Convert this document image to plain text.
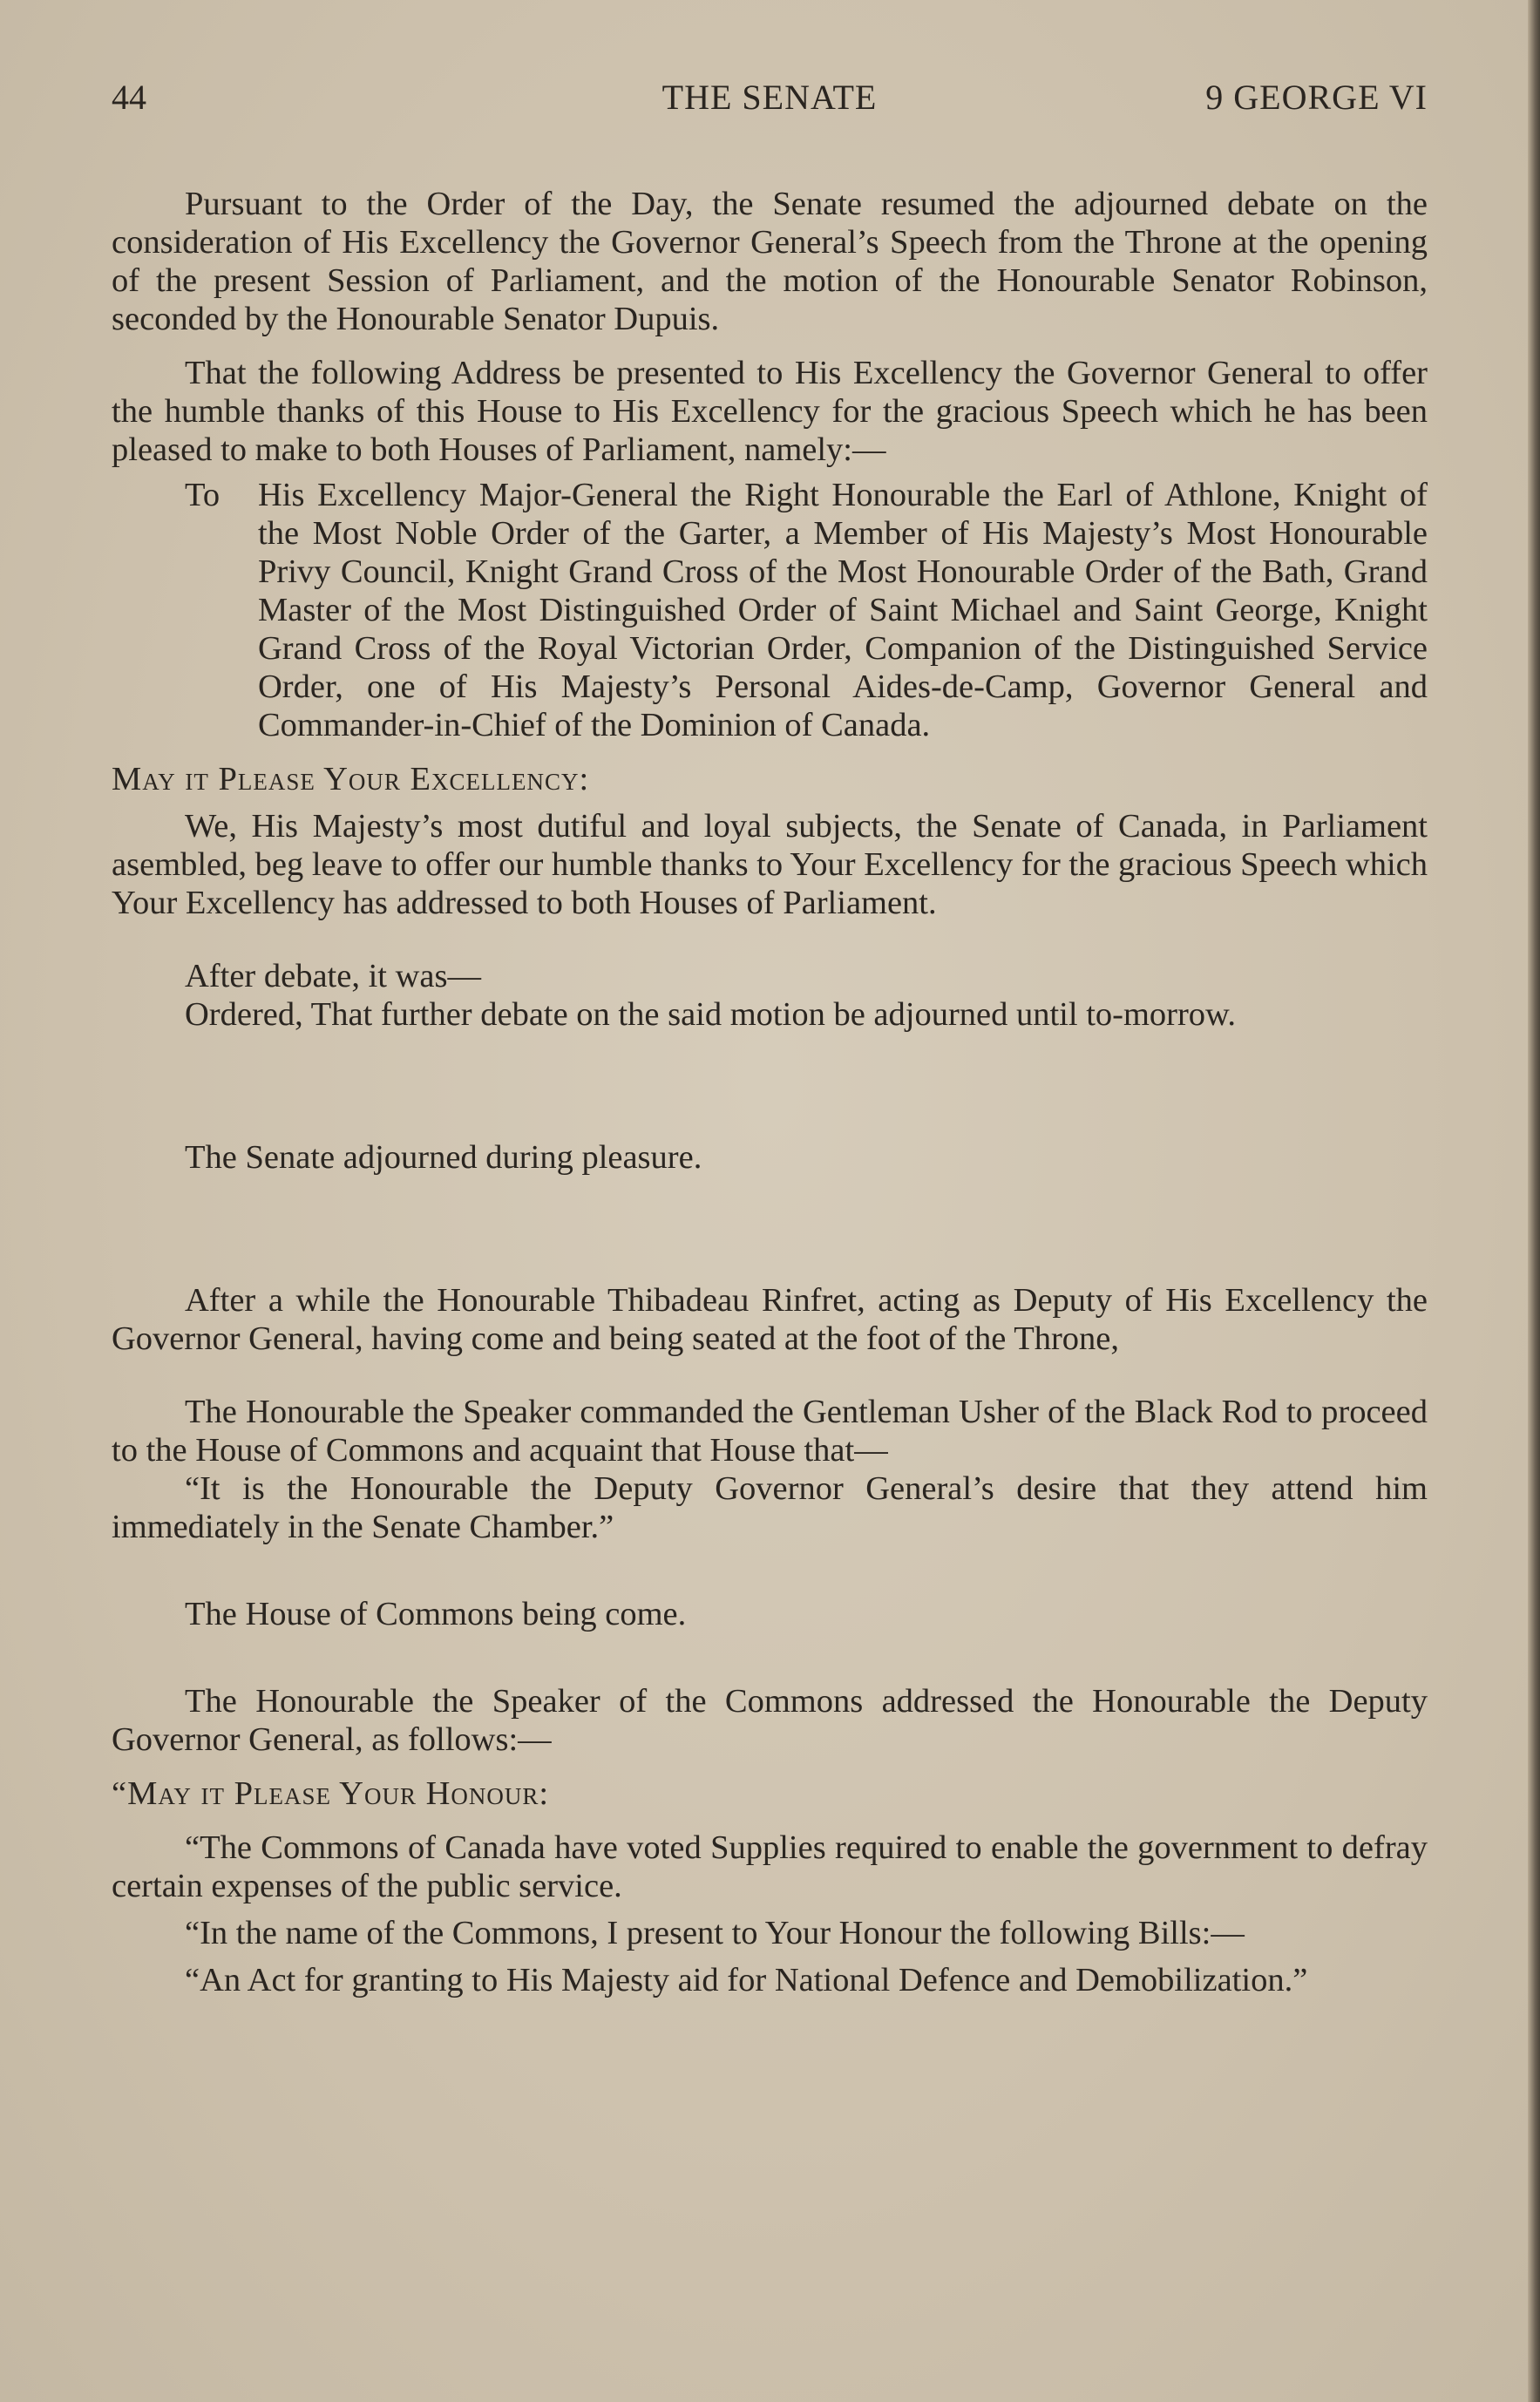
44	THE SENATE	9 GEORGE VI

Pursuant to the Order of the Day, the Senate resumed the adjourned debate on the consideration of His Excellency the Governor General’s Speech from the Throne at the opening of the present Session of Parliament, and the motion of the Honourable Senator Robinson, seconded by the Honourable Senator Dupuis.

That the following Address be presented to His Excellency the Governor General to offer the humble thanks of this House to His Excellency for the gracious Speech which he has been pleased to make to both Houses of Parliament, namely:—

To	His Excellency Major-General the Right Honourable the Earl of Athlone, Knight of the Most Noble Order of the Garter, a Member of His Majesty’s Most Honourable Privy Council, Knight Grand Cross of the Most Honourable Order of the Bath, Grand Master of the Most Distinguished Order of Saint Michael and Saint George, Knight Grand Cross of the Royal Victorian Order, Companion of the Distinguished Service Order, one of His Majesty’s Personal Aides-de-Camp, Governor General and Commander-in-Chief of the Dominion of Canada.

May it Please Your Excellency:

We, His Majesty’s most dutiful and loyal subjects, the Senate of Canada, in Parliament asembled, beg leave to offer our humble thanks to Your Excellency for the gracious Speech which Your Excellency has addressed to both Houses of Parliament.

After debate, it was—

Ordered, That further debate on the said motion be adjourned until to-morrow.

The Senate adjourned during pleasure.

After a while the Honourable Thibadeau Rinfret, acting as Deputy of His Excellency the Governor General, having come and being seated at the foot of the Throne,

The Honourable the Speaker commanded the Gentleman Usher of the Black Rod to proceed to the House of Commons and acquaint that House that—

“It is the Honourable the Deputy Governor General’s desire that they attend him immediately in the Senate Chamber.”

The House of Commons being come.

The Honourable the Speaker of the Commons addressed the Honourable the Deputy Governor General, as follows:—

“May it Please Your Honour:

“The Commons of Canada have voted Supplies required to enable the government to defray certain expenses of the public service.

“In the name of the Commons, I present to Your Honour the following Bills:—

“An Act for granting to His Majesty aid for National Defence and Demobilization.”
